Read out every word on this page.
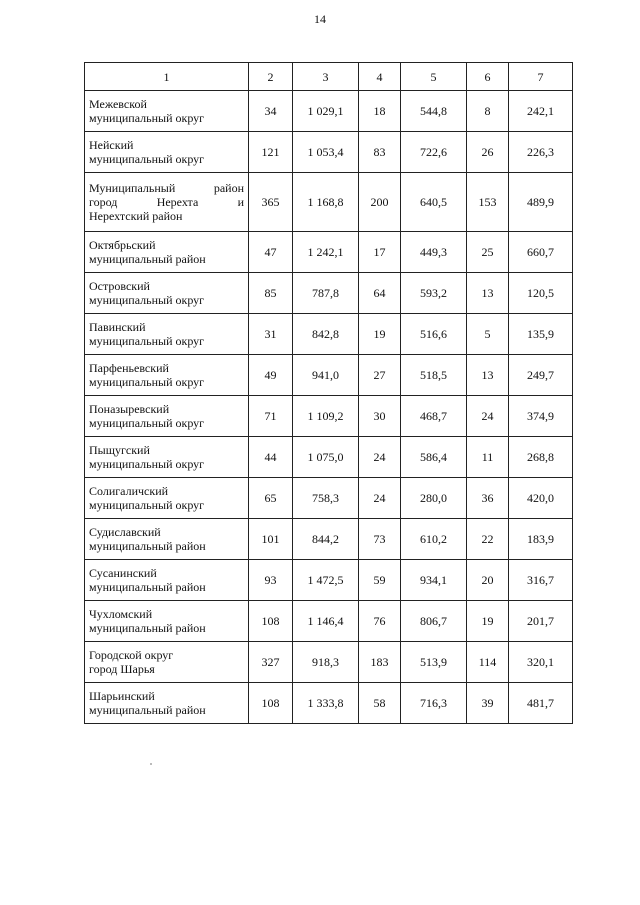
14
1	2	3	4	5	6	7

Межевской
муниципальный округ	34	1 029,1	18	544,8	8	242,1

Нейский
муниципальный округ	121	1 053,4	83	722,6	26	226,3

Муниципальный район
город Нерехта и
Нерехтский район	365	1 168,8	200	640,5	153	489,9

Октябрьский
муниципальный район	47	1 242,1	17	449,3	25	660,7

Островский
муниципальный округ	85	787,8	64	593,2	13	120,5

Павинский
муниципальный округ	31	842,8	19	516,6	5	135,9

Парфеньевский
муниципальный округ	49	941,0	27	518,5	13	249,7

Поназыревский
муниципальный округ	71	1 109,2	30	468,7	24	374,9

Пыщугский
муниципальный округ	44	1 075,0	24	586,4	11	268,8

Солигаличский
муниципальный округ	65	758,3	24	280,0	36	420,0

Судиславский
муниципальный район	101	844,2	73	610,2	22	183,9

Сусанинский
муниципальный район	93	1 472,5	59	934,1	20	316,7

Чухломский
муниципальный район	108	1 146,4	76	806,7	19	201,7

Городской округ
город Шарья	327	918,3	183	513,9	114	320,1

Шарьинский
муниципальный район	108	1 333,8	58	716,3	39	481,7
